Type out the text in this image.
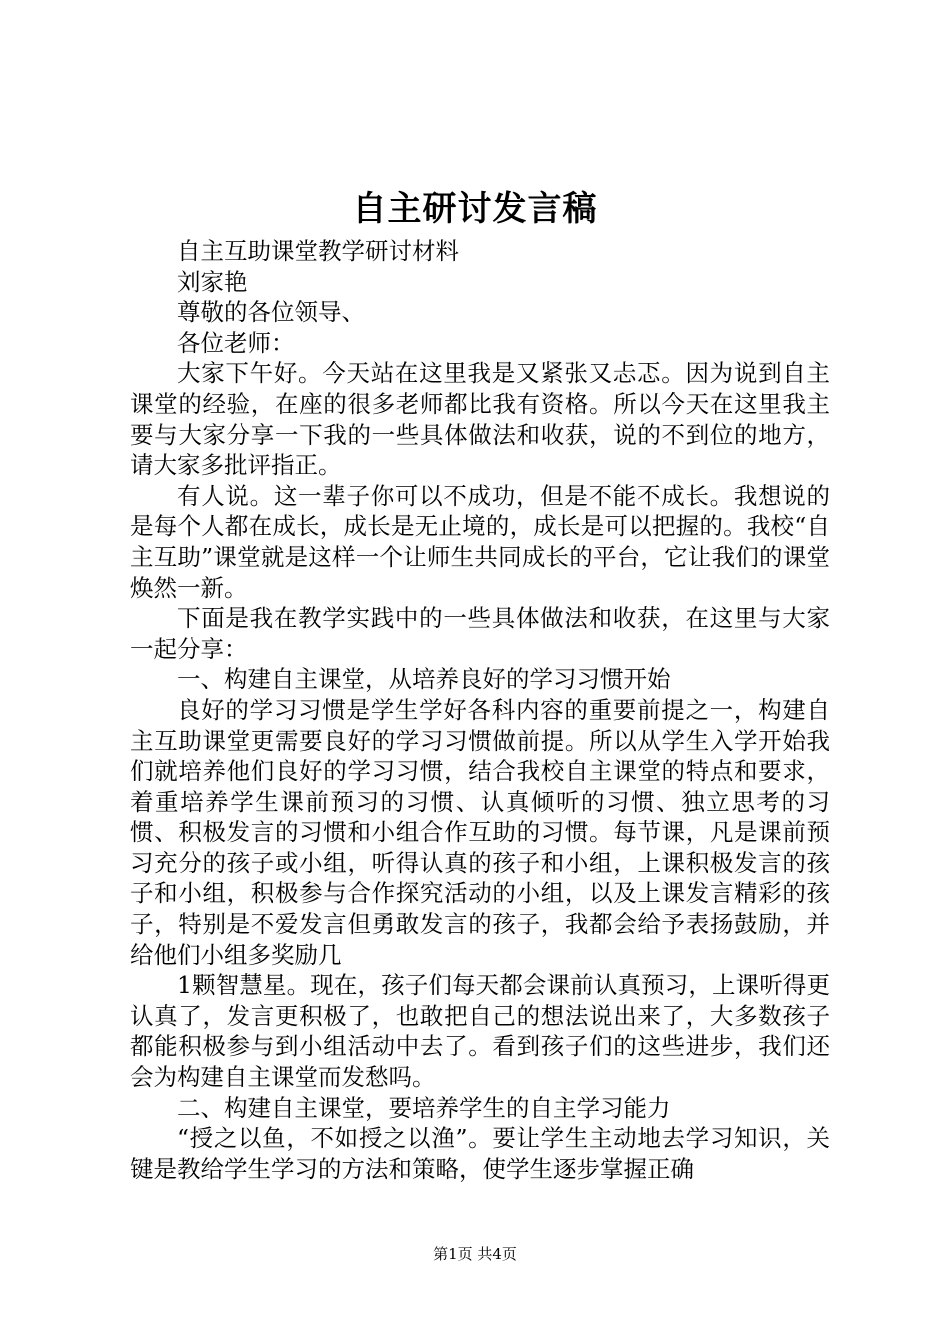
自主研讨发言稿

自主互助课堂教学研讨材料

刘家艳

尊敬的各位领导、

各位老师：

大家下午好。今天站在这里我是又紧张又忐忑。因为说到自主课堂的经验，在座的很多老师都比我有资格。所以今天在这里我主要与大家分享一下我的一些具体做法和收获，说的不到位的地方，请大家多批评指正。

有人说。这一辈子你可以不成功，但是不能不成长。我想说的是每个人都在成长，成长是无止境的，成长是可以把握的。我校“自主互助”课堂就是这样一个让师生共同成长的平台，它让我们的课堂焕然一新。

下面是我在教学实践中的一些具体做法和收获，在这里与大家一起分享：

一、构建自主课堂，从培养良好的学习习惯开始

良好的学习习惯是学生学好各科内容的重要前提之一，构建自主互助课堂更需要良好的学习习惯做前提。所以从学生入学开始我们就培养他们良好的学习习惯，结合我校自主课堂的特点和要求，着重培养学生课前预习的习惯、认真倾听的习惯、独立思考的习惯、积极发言的习惯和小组合作互助的习惯。每节课，凡是课前预习充分的孩子或小组，听得认真的孩子和小组，上课积极发言的孩子和小组，积极参与合作探究活动的小组，以及上课发言精彩的孩子，特别是不爱发言但勇敢发言的孩子，我都会给予表扬鼓励，并给他们小组多奖励几

1颗智慧星。现在，孩子们每天都会课前认真预习，上课听得更认真了，发言更积极了，也敢把自己的想法说出来了，大多数孩子都能积极参与到小组活动中去了。看到孩子们的这些进步，我们还会为构建自主课堂而发愁吗。

二、构建自主课堂，要培养学生的自主学习能力

“授之以鱼，不如授之以渔”。要让学生主动地去学习知识，关键是教给学生学习的方法和策略，使学生逐步掌握正确

第1页 共4页
